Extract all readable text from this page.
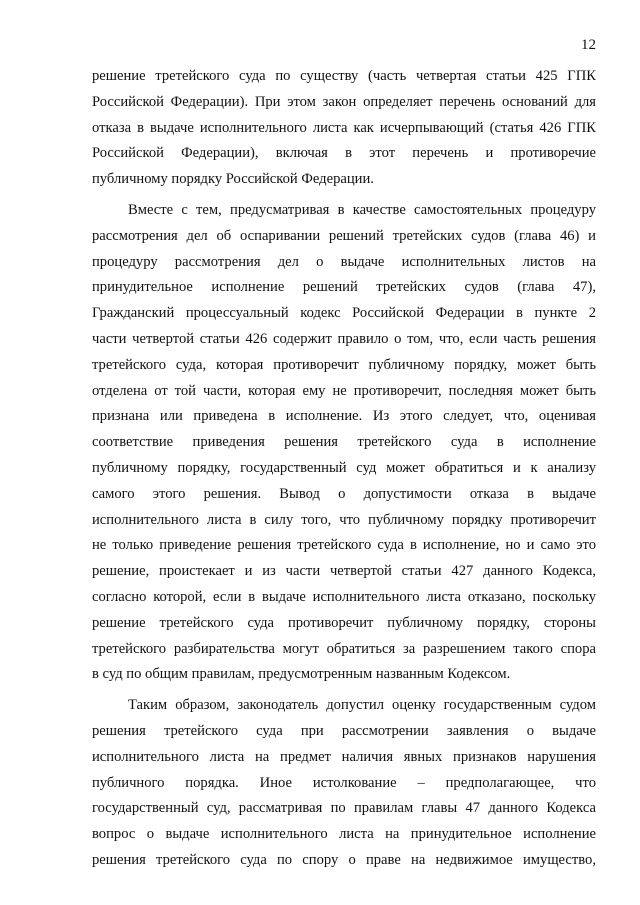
12
решение третейского суда по существу (часть четвертая статьи 425 ГПК
Российской Федерации). При этом закон определяет перечень оснований для
отказа в выдаче исполнительного листа как исчерпывающий (статья 426 ГПК
Российской Федерации), включая в этот перечень и противоречие
публичному порядку Российской Федерации.
Вместе с тем, предусматривая в качестве самостоятельных процедуру
рассмотрения дел об оспаривании решений третейских судов (глава 46) и
процедуру рассмотрения дел о выдаче исполнительных листов на
принудительное исполнение решений третейских судов (глава 47),
Гражданский процессуальный кодекс Российской Федерации в пункте 2
части четвертой статьи 426 содержит правило о том, что, если часть решения
третейского суда, которая противоречит публичному порядку, может быть
отделена от той части, которая ему не противоречит, последняя может быть
признана или приведена в исполнение. Из этого следует, что, оценивая
соответствие приведения решения третейского суда в исполнение
публичному порядку, государственный суд может обратиться и к анализу
самого этого решения. Вывод о допустимости отказа в выдаче
исполнительного листа в силу того, что публичному порядку противоречит
не только приведение решения третейского суда в исполнение, но и само это
решение, проистекает и из части четвертой статьи 427 данного Кодекса,
согласно которой, если в выдаче исполнительного листа отказано, поскольку
решение третейского суда противоречит публичному порядку, стороны
третейского разбирательства могут обратиться за разрешением такого спора
в суд по общим правилам, предусмотренным названным Кодексом.
Таким образом, законодатель допустил оценку государственным судом
решения третейского суда при рассмотрении заявления о выдаче
исполнительного листа на предмет наличия явных признаков нарушения
публичного порядка. Иное истолкование – предполагающее, что
государственный суд, рассматривая по правилам главы 47 данного Кодекса
вопрос о выдаче исполнительного листа на принудительное исполнение
решения третейского суда по спору о праве на недвижимое имущество,
